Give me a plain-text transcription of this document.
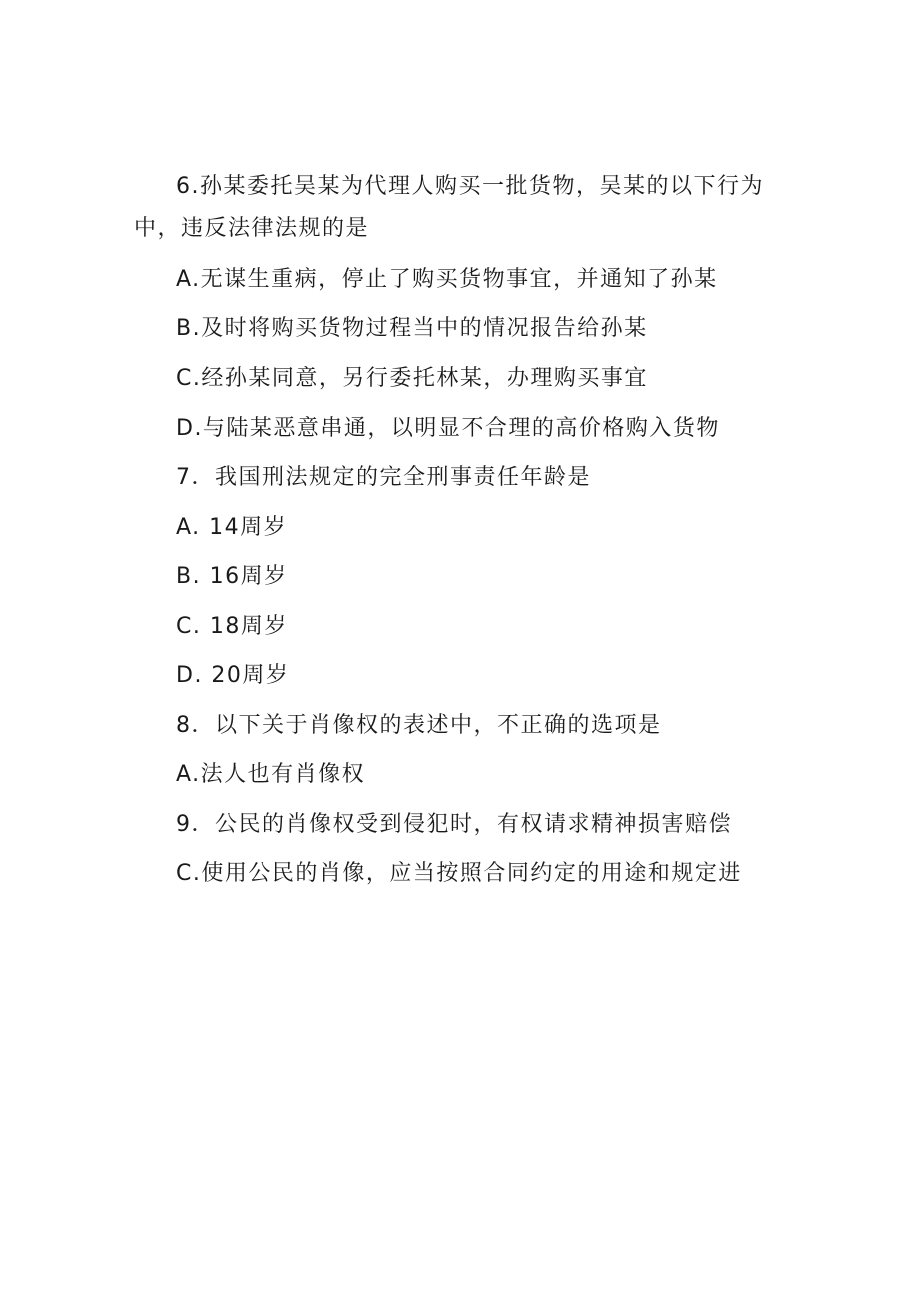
6.孙某委托吴某为代理人购买一批货物，吴某的以下行为
中，违反法律法规的是
A.无谋生重病，停止了购买货物事宜，并通知了孙某
B.及时将购买货物过程当中的情况报告给孙某
C.经孙某同意，另行委托林某，办理购买事宜
D.与陆某恶意串通，以明显不合理的高价格购入货物
7．我国刑法规定的完全刑事责任年龄是
A. 14周岁
B. 16周岁
C. 18周岁
D. 20周岁
8．以下关于肖像权的表述中，不正确的选项是
A.法人也有肖像权
9．公民的肖像权受到侵犯时，有权请求精神损害赔偿
C.使用公民的肖像，应当按照合同约定的用途和规定进
